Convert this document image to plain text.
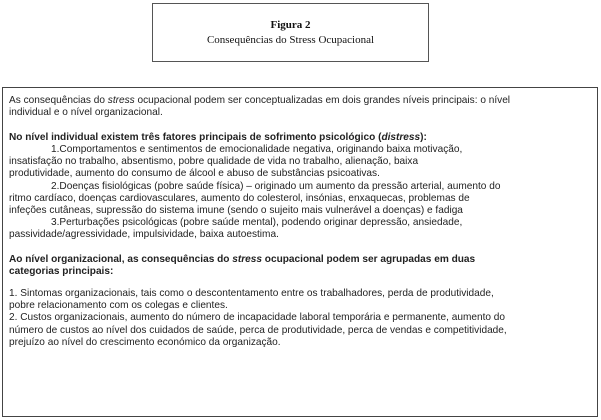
Figura 2
Consequências do Stress Ocupacional

As consequências do stress ocupacional podem ser conceptualizadas em dois grandes níveis principais: o nível

individual e o nível organizacional.

No nível individual existem três fatores principais de sofrimento psicológico (distress):

1.Comportamentos e sentimentos de emocionalidade negativa, originando baixa motivação,

insatisfação no trabalho, absentismo, pobre qualidade de vida no trabalho, alienação, baixa

produtividade, aumento do consumo de álcool e abuso de substâncias psicoativas.

2.Doenças fisiológicas (pobre saúde física) – originado um aumento da pressão arterial, aumento do

ritmo cardíaco, doenças cardiovasculares, aumento do colesterol, insónias, enxaquecas, problemas de

infeções cutâneas, supressão do sistema imune (sendo o sujeito mais vulnerável a doenças) e fadiga

3.Perturbações psicológicas (pobre saúde mental), podendo originar depressão, ansiedade,

passividade/agressividade, impulsividade, baixa autoestima.

Ao nível organizacional, as consequências do stress ocupacional podem ser agrupadas em duas

categorias principais:

1. Sintomas organizacionais, tais como o descontentamento entre os trabalhadores, perda de produtividade,

pobre relacionamento com os colegas e clientes.

2. Custos organizacionais, aumento do número de incapacidade laboral temporária e permanente, aumento do

número de custos ao nível dos cuidados de saúde, perca de produtividade, perca de vendas e competitividade,

prejuízo ao nível do crescimento económico da organização.
